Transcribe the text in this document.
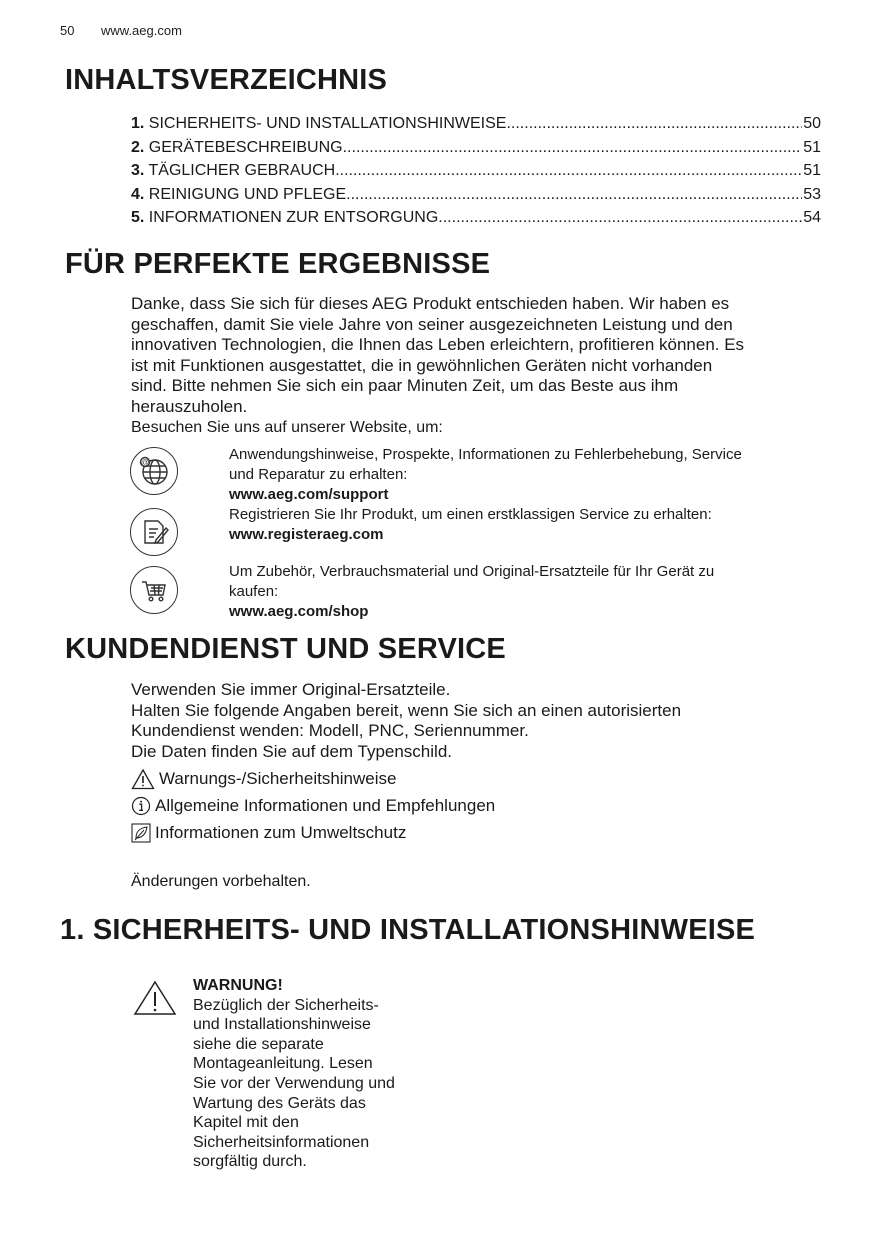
50 www.aeg.com
INHALTSVERZEICHNIS
1. SICHERHEITS- UND INSTALLATIONSHINWEISE .....	50
2. GERÄTEBESCHREIBUNG .....	51
3. TÄGLICHER GEBRAUCH .....	51
4. REINIGUNG UND PFLEGE .....	53
5. INFORMATIONEN ZUR ENTSORGUNG .....	54
FÜR PERFEKTE ERGEBNISSE
Danke, dass Sie sich für dieses AEG Produkt entschieden haben. Wir haben es
geschaffen, damit Sie viele Jahre von seiner ausgezeichneten Leistung und den
innovativen Technologien, die Ihnen das Leben erleichtern, profitieren können. Es
ist mit Funktionen ausgestattet, die in gewöhnlichen Geräten nicht vorhanden
sind. Bitte nehmen Sie sich ein paar Minuten Zeit, um das Beste aus ihm
herauszuholen.
Besuchen Sie uns auf unserer Website, um:
@	Anwendungshinweise, Prospekte, Informationen zu Fehlerbehebung, Service
und Reparatur zu erhalten:
www.aeg.com/support
Registrieren Sie Ihr Produkt, um einen erstklassigen Service zu erhalten:
www.registeraeg.com
Um Zubehör, Verbrauchsmaterial und Original-Ersatzteile für Ihr Gerät zu
kaufen:
www.aeg.com/shop
KUNDENDIENST UND SERVICE
Verwenden Sie immer Original-Ersatzteile.
Halten Sie folgende Angaben bereit, wenn Sie sich an einen autorisierten
Kundendienst wenden: Modell, PNC, Seriennummer.
Die Daten finden Sie auf dem Typenschild.
Warnungs-/Sicherheitshinweise
Allgemeine Informationen und Empfehlungen
Informationen zum Umweltschutz
Änderungen vorbehalten.
1. SICHERHEITS- UND INSTALLATIONSHINWEISE
WARNUNG!
Bezüglich der Sicherheits-
und Installationshinweise
siehe die separate
Montageanleitung. Lesen
Sie vor der Verwendung und
Wartung des Geräts das
Kapitel mit den
Sicherheitsinformationen
sorgfältig durch.
